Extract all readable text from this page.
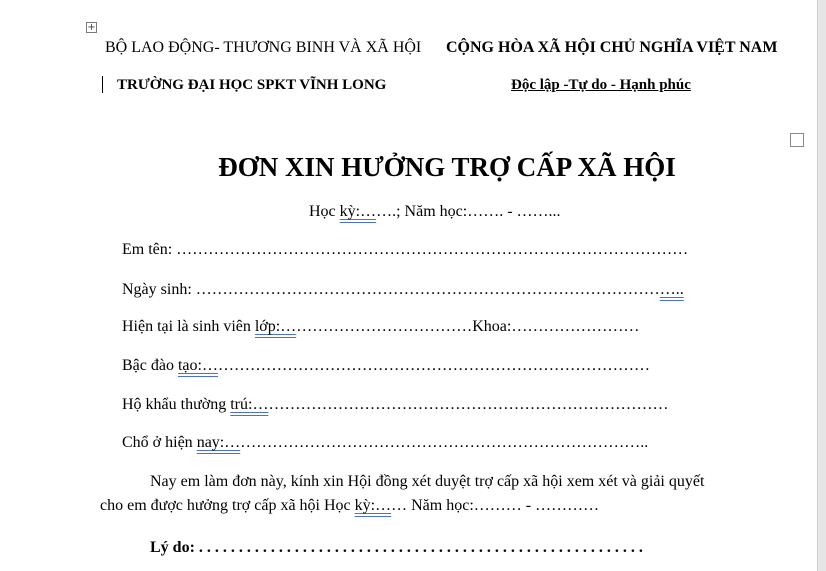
+
BỘ LAO ĐỘNG- THƯƠNG BINH VÀ XÃ HỘI CỘNG HÒA XÃ HỘI CHỦ NGHĨA VIỆT NAM
TRƯỜNG ĐẠI HỌC SPKT VĨNH LONG	Độc lập -Tự do - Hạnh phúc
ĐƠN XIN HƯỞNG TRỢ CẤP XÃ HỘI
Học kỳ:…….; Năm học:……. - ……...
Em tên: ……………………………………………………………………………………
Ngày sinh: ………………………………………………………………………………..
Hiện tại là sinh viên lớp:………………………………Khoa:……………………
Bậc đào tạo:…………………………………………………………………………
Hộ khẩu thường trú:……………………………………………………………………
Chổ ở hiện nay:……………………………………………………………………..
Nay em làm đơn này, kính xin Hội đồng xét duyệt trợ cấp xã hội xem xét và giải quyết
cho em được hưởng trợ cấp xã hội Học kỳ:…… Năm học:……… - …………
Lý do: . . . . . . . . . . . . . . . . . . . . . . . . . . . . . . . . . . . . . . . . . . . . . . . . . . . . . . . .
